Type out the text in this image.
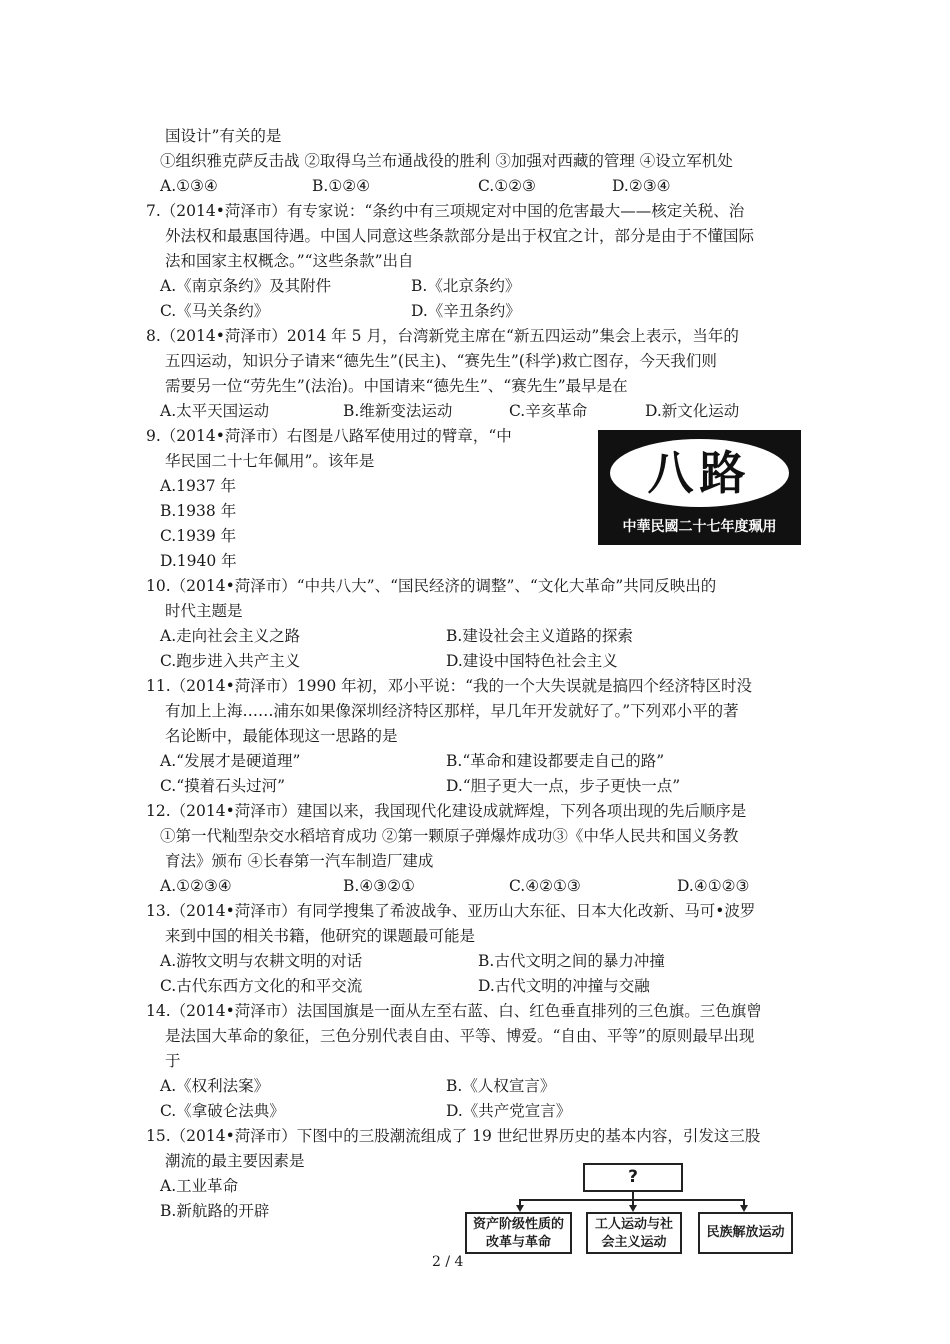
国设计”有关的是
①组织雅克萨反击战 ②取得乌兰布通战役的胜利 ③加强对西藏的管理 ④设立军机处
A.①③④	B.①②④	C.①②③	D.②③④
7.（2014•菏泽市）有专家说：“条约中有三项规定对中国的危害最大——核定关税、治
外法权和最惠国待遇。中国人同意这些条款部分是出于权宜之计，部分是由于不懂国际
法和国家主权概念。”“这些条款”出自
A.《南京条约》及其附件	B.《北京条约》
C.《马关条约》	D.《辛丑条约》
8.（2014•菏泽市）2014 年 5 月，台湾新党主席在“新五四运动”集会上表示，当年的
五四运动，知识分子请来“德先生”(民主)、“赛先生”(科学)救亡图存，今天我们则
需要另一位“劳先生”(法治)。中国请来“德先生”、“赛先生”最早是在
A.太平天国运动	B.维新变法运动	C.辛亥革命	D.新文化运动
9.（2014•菏泽市）右图是八路军使用过的臂章，“中
华民国二十七年佩用”。该年是
A.1937 年
B.1938 年
C.1939 年
D.1940 年
八路
中華民國二十七年度珮用
10.（2014•菏泽市）“中共八大”、“国民经济的调整”、“文化大革命”共同反映出的
时代主题是
A.走向社会主义之路	B.建设社会主义道路的探索
C.跑步进入共产主义	D.建设中国特色社会主义
11.（2014•菏泽市）1990 年初，邓小平说：“我的一个大失误就是搞四个经济特区时没
有加上上海……浦东如果像深圳经济特区那样，早几年开发就好了。”下列邓小平的著
名论断中，最能体现这一思路的是
A.“发展才是硬道理”	B.“革命和建设都要走自己的路”
C.“摸着石头过河”	D.“胆子更大一点，步子更快一点”
12.（2014•菏泽市）建国以来，我国现代化建设成就辉煌，下列各项出现的先后顺序是
①第一代籼型杂交水稻培育成功 ②第一颗原子弹爆炸成功③《中华人民共和国义务教
育法》颁布 ④长春第一汽车制造厂建成
A.①②③④	B.④③②①	C.④②①③	D.④①②③
13.（2014•菏泽市）有同学搜集了希波战争、亚历山大东征、日本大化改新、马可•波罗
来到中国的相关书籍，他研究的课题最可能是
A.游牧文明与农耕文明的对话	B.古代文明之间的暴力冲撞
C.古代东西方文化的和平交流	D.古代文明的冲撞与交融
14.（2014•菏泽市）法国国旗是一面从左至右蓝、白、红色垂直排列的三色旗。三色旗曾
是法国大革命的象征，三色分别代表自由、平等、博爱。“自由、平等”的原则最早出现
于
A.《权利法案》	B.《人权宣言》
C.《拿破仑法典》	D.《共产党宣言》
15.（2014•菏泽市）下图中的三股潮流组成了 19 世纪世界历史的基本内容，引发这三股
潮流的最主要因素是
A.工业革命
B.新航路的开辟
?
资产阶级性质的改革与革命
工人运动与社会主义运动
民族解放运动
2 / 4
